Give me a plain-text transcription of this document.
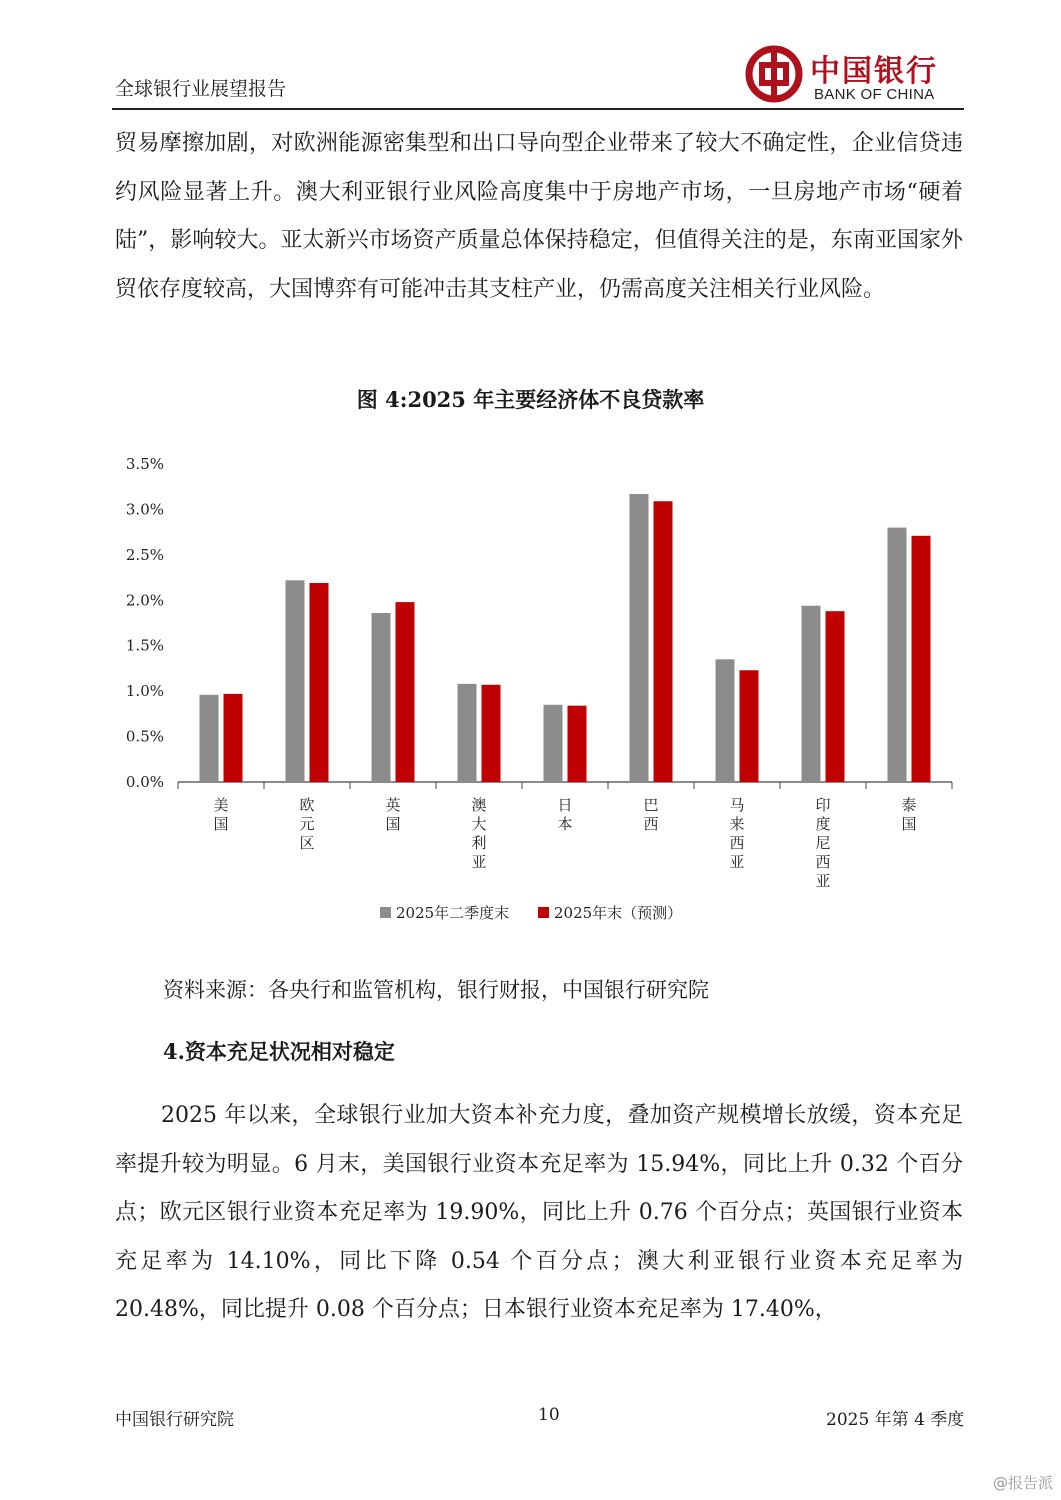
全球银行业展望报告	中国银行
BANK OF CHINA

贸易摩擦加剧，对欧洲能源密集型和出口导向型企业带来了较大不确定性，企业信贷违约风险显著上升。澳大利亚银行业风险高度集中于房地产市场，一旦房地产市场“硬着陆”，影响较大。亚太新兴市场资产质量总体保持稳定，但值得关注的是，东南亚国家外贸依存度较高，大国博弈有可能冲击其支柱产业，仍需高度关注相关行业风险。

图 4:2025 年主要经济体不良贷款率
0.0%
0.5%
1.0%
1.5%
2.0%
2.5%
3.0%
3.5%
美
国
欧
元
区
英
国
澳
大
利
亚
日
本
巴
西
马
来
西
亚
印
度
尼
西
亚
泰
国
2025年二季度末	2025年末（预测）
资料来源：各央行和监管机构，银行财报，中国银行研究院
4.资本充足状况相对稳定

2025 年以来，全球银行业加大资本补充力度，叠加资产规模增长放缓，资本充足率提升较为明显。6 月末，美国银行业资本充足率为 15.94%，同比上升 0.32 个百分点；欧元区银行业资本充足率为 19.90%，同比上升 0.76 个百分点；英国银行业资本充足率为 14.10%，同比下降 0.54 个百分点；澳大利亚银行业资本充足率为 20.48%，同比提升 0.08 个百分点；日本银行业资本充足率为 17.40%，

中国银行研究院	10	2025 年第 4 季度
@报告派
